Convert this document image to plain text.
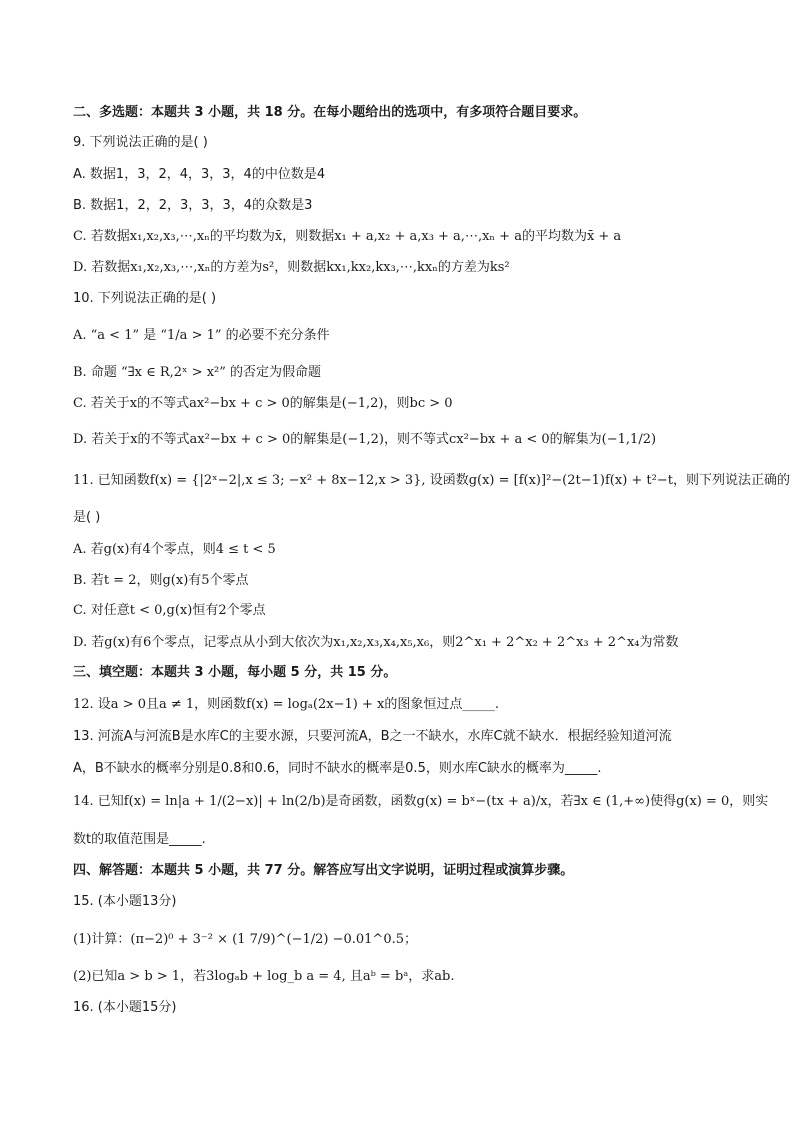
二、多选题：本题共 3 小题，共 18 分。在每小题给出的选项中，有多项符合题目要求。
9. 下列说法正确的是( )
A. 数据1，3，2，4，3，3，4的中位数是4
B. 数据1，2，2，3，3，3，4的众数是3
C. 若数据x₁,x₂,x₃,⋯,xₙ的平均数为x̄，则数据x₁ + a,x₂ + a,x₃ + a,⋯,xₙ + a的平均数为x̄ + a
D. 若数据x₁,x₂,x₃,⋯,xₙ的方差为s²，则数据kx₁,kx₂,kx₃,⋯,kxₙ的方差为ks²
10. 下列说法正确的是( )
A. “a < 1” 是 “1/a > 1” 的必要不充分条件
B. 命题 “∃x ∈ R,2ˣ > x²” 的否定为假命题
C. 若关于x的不等式ax²−bx + c > 0的解集是(−1,2)，则bc > 0
D. 若关于x的不等式ax²−bx + c > 0的解集是(−1,2)，则不等式cx²−bx + a < 0的解集为(−1,1/2)
11. 已知函数f(x) = {|2ˣ−2|,x ≤ 3; −x² + 8x−12,x > 3}, 设函数g(x) = [f(x)]²−(2t−1)f(x) + t²−t，则下列说法正确的
是( )
A. 若g(x)有4个零点，则4 ≤ t < 5
B. 若t = 2，则g(x)有5个零点
C. 对任意t < 0,g(x)恒有2个零点
D. 若g(x)有6个零点，记零点从小到大依次为x₁,x₂,x₃,x₄,x₅,x₆，则2^x₁ + 2^x₂ + 2^x₃ + 2^x₄为常数
三、填空题：本题共 3 小题，每小题 5 分，共 15 分。
12. 设a > 0且a ≠ 1，则函数f(x) = logₐ(2x−1) + x的图象恒过点_____.
13. 河流A与河流B是水库C的主要水源，只要河流A，B之一不缺水，水库C就不缺水．根据经验知道河流
A，B不缺水的概率分别是0.8和0.6，同时不缺水的概率是0.5，则水库C缺水的概率为_____.
14. 已知f(x) = ln|a + 1/(2−x)| + ln(2/b)是奇函数，函数g(x) = bˣ−(tx + a)/x，若∃x ∈ (1,+∞)使得g(x) = 0，则实
数t的取值范围是_____.
四、解答题：本题共 5 小题，共 77 分。解答应写出文字说明，证明过程或演算步骤。
15. (本小题13分)
(1)计算：(π−2)⁰ + 3⁻² × (1 7/9)^(−1/2) −0.01^0.5；
(2)已知a > b > 1，若3logₐb + log_b a = 4, 且aᵇ = bᵃ，求ab.
16. (本小题15分)
